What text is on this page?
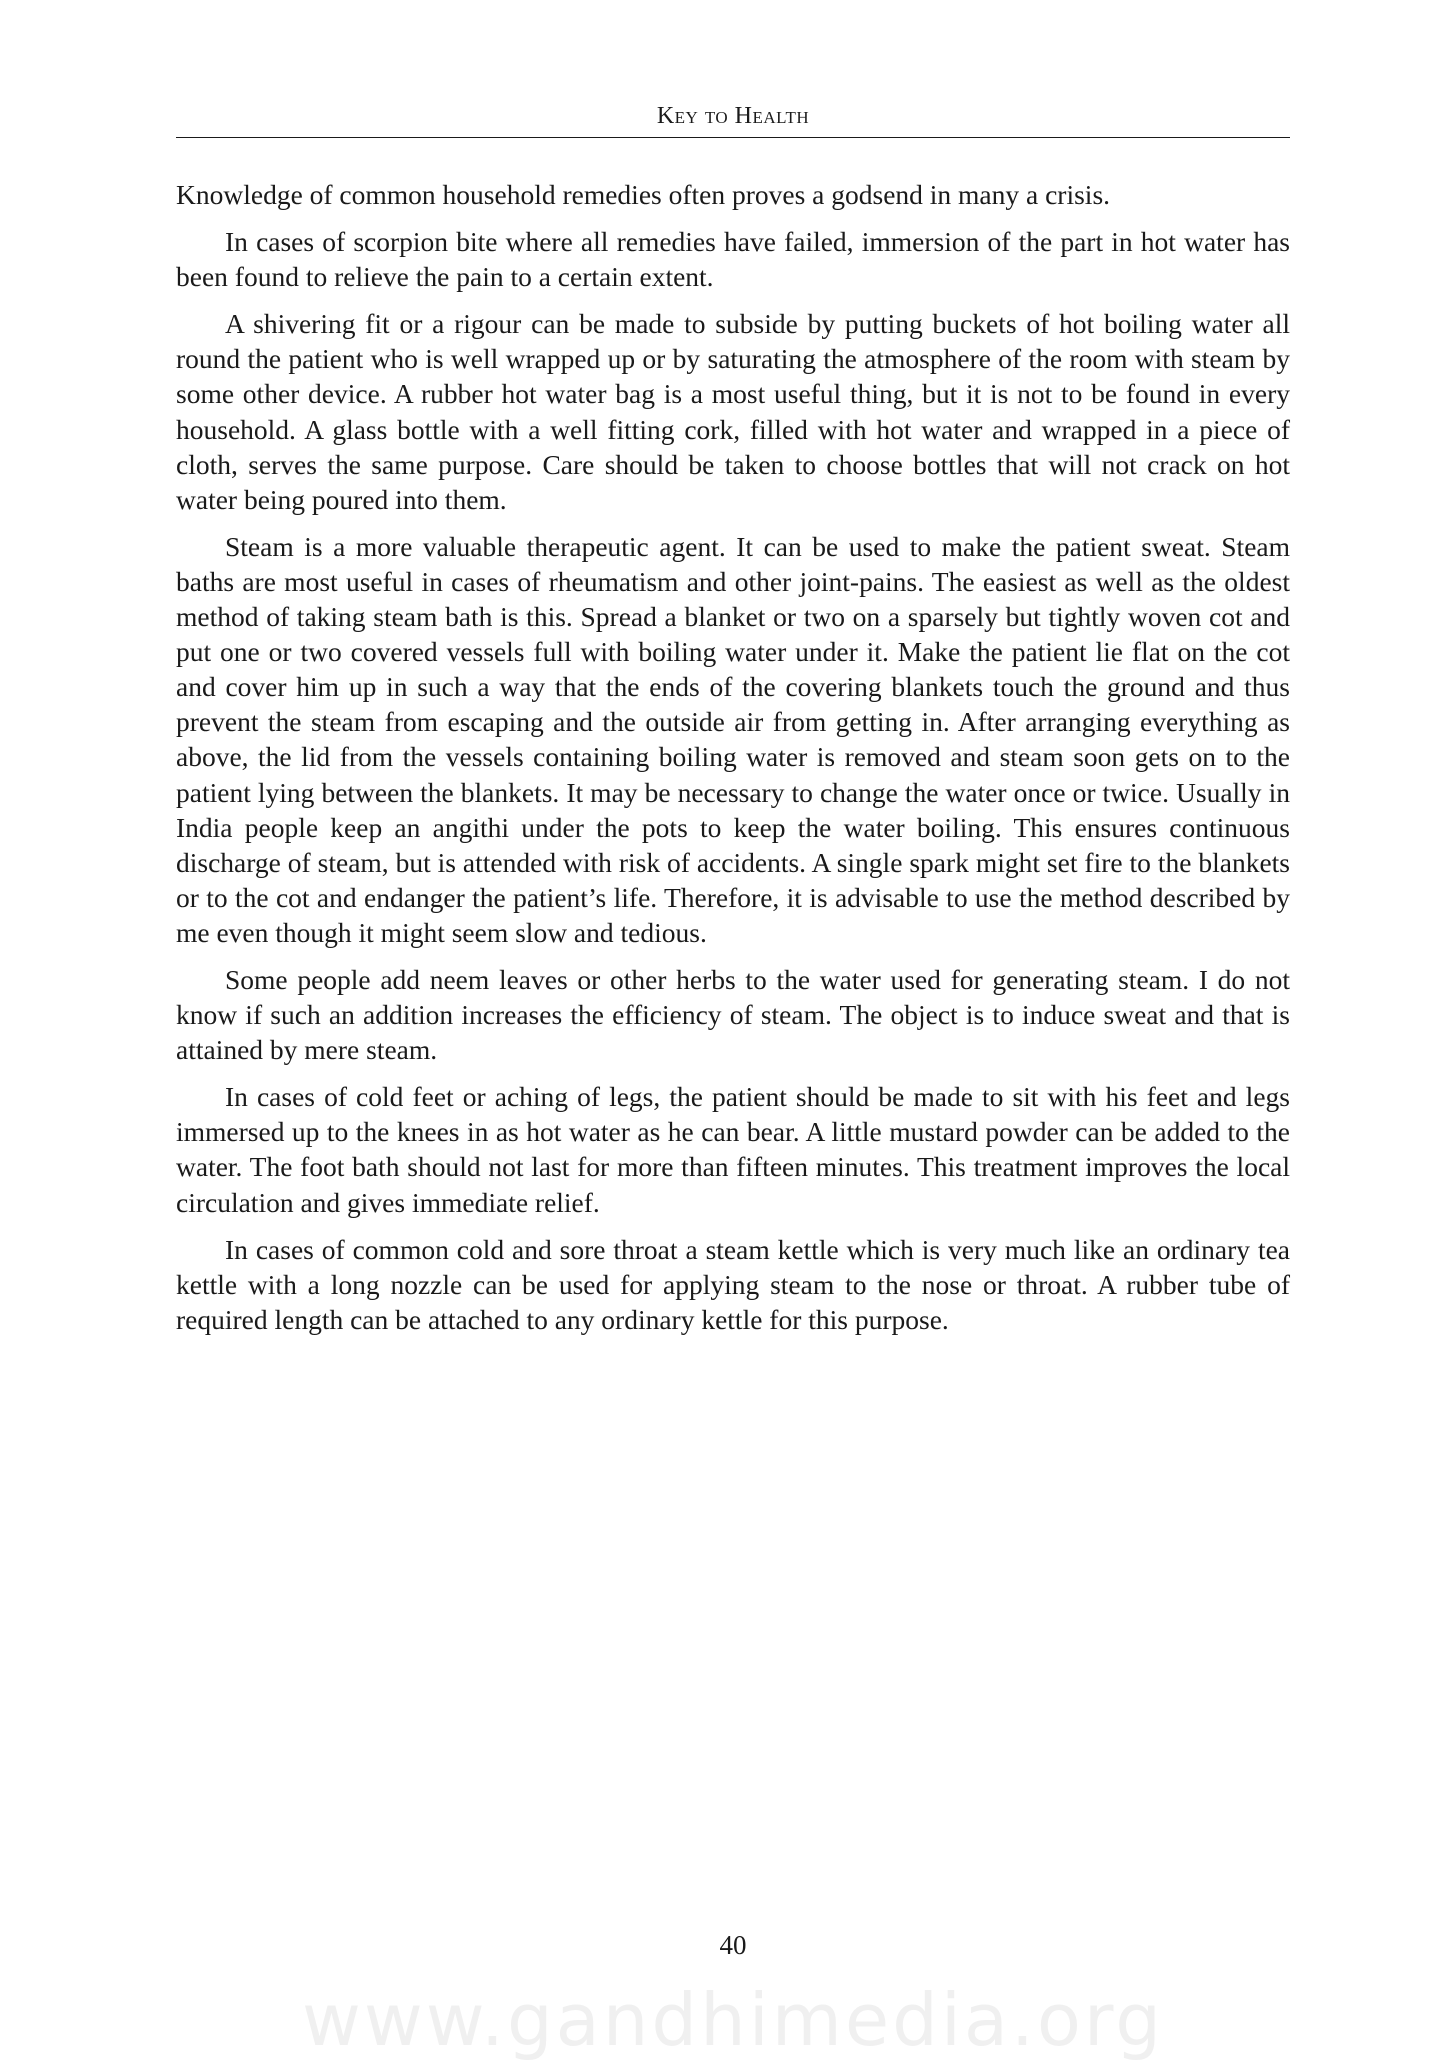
Key to Health

Knowledge of common household remedies often proves a godsend in many a crisis.

In cases of scorpion bite where all remedies have failed, immersion of the part in hot water has been found to relieve the pain to a certain extent.

A shivering fit or a rigour can be made to subside by putting buckets of hot boiling water all round the patient who is well wrapped up or by saturating the atmosphere of the room with steam by some other device. A rubber hot water bag is a most useful thing, but it is not to be found in every household. A glass bottle with a well fitting cork, filled with hot water and wrapped in a piece of cloth, serves the same purpose. Care should be taken to choose bottles that will not crack on hot water being poured into them.

Steam is a more valuable therapeutic agent. It can be used to make the patient sweat. Steam baths are most useful in cases of rheumatism and other joint-pains. The easiest as well as the oldest method of taking steam bath is this. Spread a blanket or two on a sparsely but tightly woven cot and put one or two covered vessels full with boiling water under it. Make the patient lie flat on the cot and cover him up in such a way that the ends of the covering blankets touch the ground and thus prevent the steam from escaping and the outside air from getting in. After arranging everything as above, the lid from the vessels containing boiling water is removed and steam soon gets on to the patient lying between the blankets. It may be necessary to change the water once or twice. Usually in India people keep an angithi under the pots to keep the water boiling. This ensures continuous discharge of steam, but is attended with risk of accidents. A single spark might set fire to the blankets or to the cot and endanger the patient’s life. Therefore, it is advisable to use the method described by me even though it might seem slow and tedious.

Some people add neem leaves or other herbs to the water used for generating steam. I do not know if such an addition increases the efficiency of steam. The object is to induce sweat and that is attained by mere steam.

In cases of cold feet or aching of legs, the patient should be made to sit with his feet and legs immersed up to the knees in as hot water as he can bear. A little mustard powder can be added to the water. The foot bath should not last for more than fifteen minutes. This treatment improves the local circulation and gives immediate relief.

In cases of common cold and sore throat a steam kettle which is very much like an ordinary tea kettle with a long nozzle can be used for applying steam to the nose or throat. A rubber tube of required length can be attached to any ordinary kettle for this purpose.

40
www.gandhimedia.org
